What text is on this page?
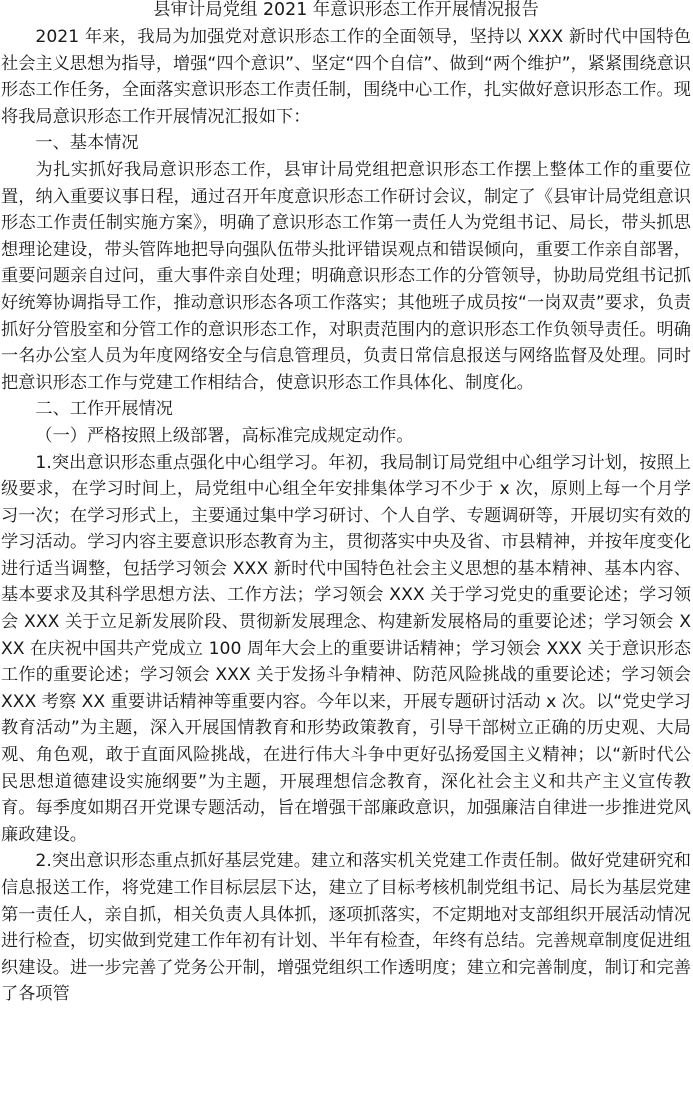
县审计局党组 2021 年意识形态工作开展情况报告

2021 年来，我局为加强党对意识形态工作的全面领导，坚持以 XXX 新时代中国特色社会主义思想为指导，增强“四个意识”、坚定“四个自信”、做到“两个维护”，紧紧围绕意识形态工作任务，全面落实意识形态工作责任制，围绕中心工作，扎实做好意识形态工作。现将我局意识形态工作开展情况汇报如下：

一、基本情况

为扎实抓好我局意识形态工作，县审计局党组把意识形态工作摆上整体工作的重要位置，纳入重要议事日程，通过召开年度意识形态工作研讨会议，制定了《县审计局党组意识形态工作责任制实施方案》，明确了意识形态工作第一责任人为党组书记、局长，带头抓思想理论建设，带头管阵地把导向强队伍带头批评错误观点和错误倾向，重要工作亲自部署，重要问题亲自过问，重大事件亲自处理；明确意识形态工作的分管领导，协助局党组书记抓好统筹协调指导工作，推动意识形态各项工作落实；其他班子成员按“一岗双责”要求，负责抓好分管股室和分管工作的意识形态工作，对职责范围内的意识形态工作负领导责任。明确一名办公室人员为年度网络安全与信息管理员，负责日常信息报送与网络监督及处理。同时把意识形态工作与党建工作相结合，使意识形态工作具体化、制度化。

二、工作开展情况

（一）严格按照上级部署，高标准完成规定动作。

1.突出意识形态重点强化中心组学习。年初，我局制订局党组中心组学习计划，按照上级要求，在学习时间上，局党组中心组全年安排集体学习不少于 x 次，原则上每一个月学习一次；在学习形式上，主要通过集中学习研讨、个人自学、专题调研等，开展切实有效的学习活动。学习内容主要意识形态教育为主，贯彻落实中央及省、市县精神，并按年度变化进行适当调整，包括学习领会 XXX 新时代中国特色社会主义思想的基本精神、基本内容、基本要求及其科学思想方法、工作方法；学习领会 XXX 关于学习党史的重要论述；学习领会 XXX 关于立足新发展阶段、贯彻新发展理念、构建新发展格局的重要论述；学习领会 XXX 在庆祝中国共产党成立 100 周年大会上的重要讲话精神；学习领会 XXX 关于意识形态工作的重要论述；学习领会 XXX 关于发扬斗争精神、防范风险挑战的重要论述；学习领会 XXX 考察 XX 重要讲话精神等重要内容。今年以来，开展专题研讨活动 x 次。以“党史学习教育活动”为主题，深入开展国情教育和形势政策教育，引导干部树立正确的历史观、大局观、角色观，敢于直面风险挑战，在进行伟大斗争中更好弘扬爱国主义精神；以“新时代公民思想道德建设实施纲要”为主题，开展理想信念教育，深化社会主义和共产主义宣传教育。每季度如期召开党课专题活动，旨在增强干部廉政意识，加强廉洁自律进一步推进党风廉政建设。

2.突出意识形态重点抓好基层党建。建立和落实机关党建工作责任制。做好党建研究和信息报送工作，将党建工作目标层层下达，建立了目标考核机制党组书记、局长为基层党建第一责任人，亲自抓，相关负责人具体抓，逐项抓落实，不定期地对支部组织开展活动情况进行检查，切实做到党建工作年初有计划、半年有检查，年终有总结。完善规章制度促进组织建设。进一步完善了党务公开制，增强党组织工作透明度；建立和完善制度，制订和完善了各项管
